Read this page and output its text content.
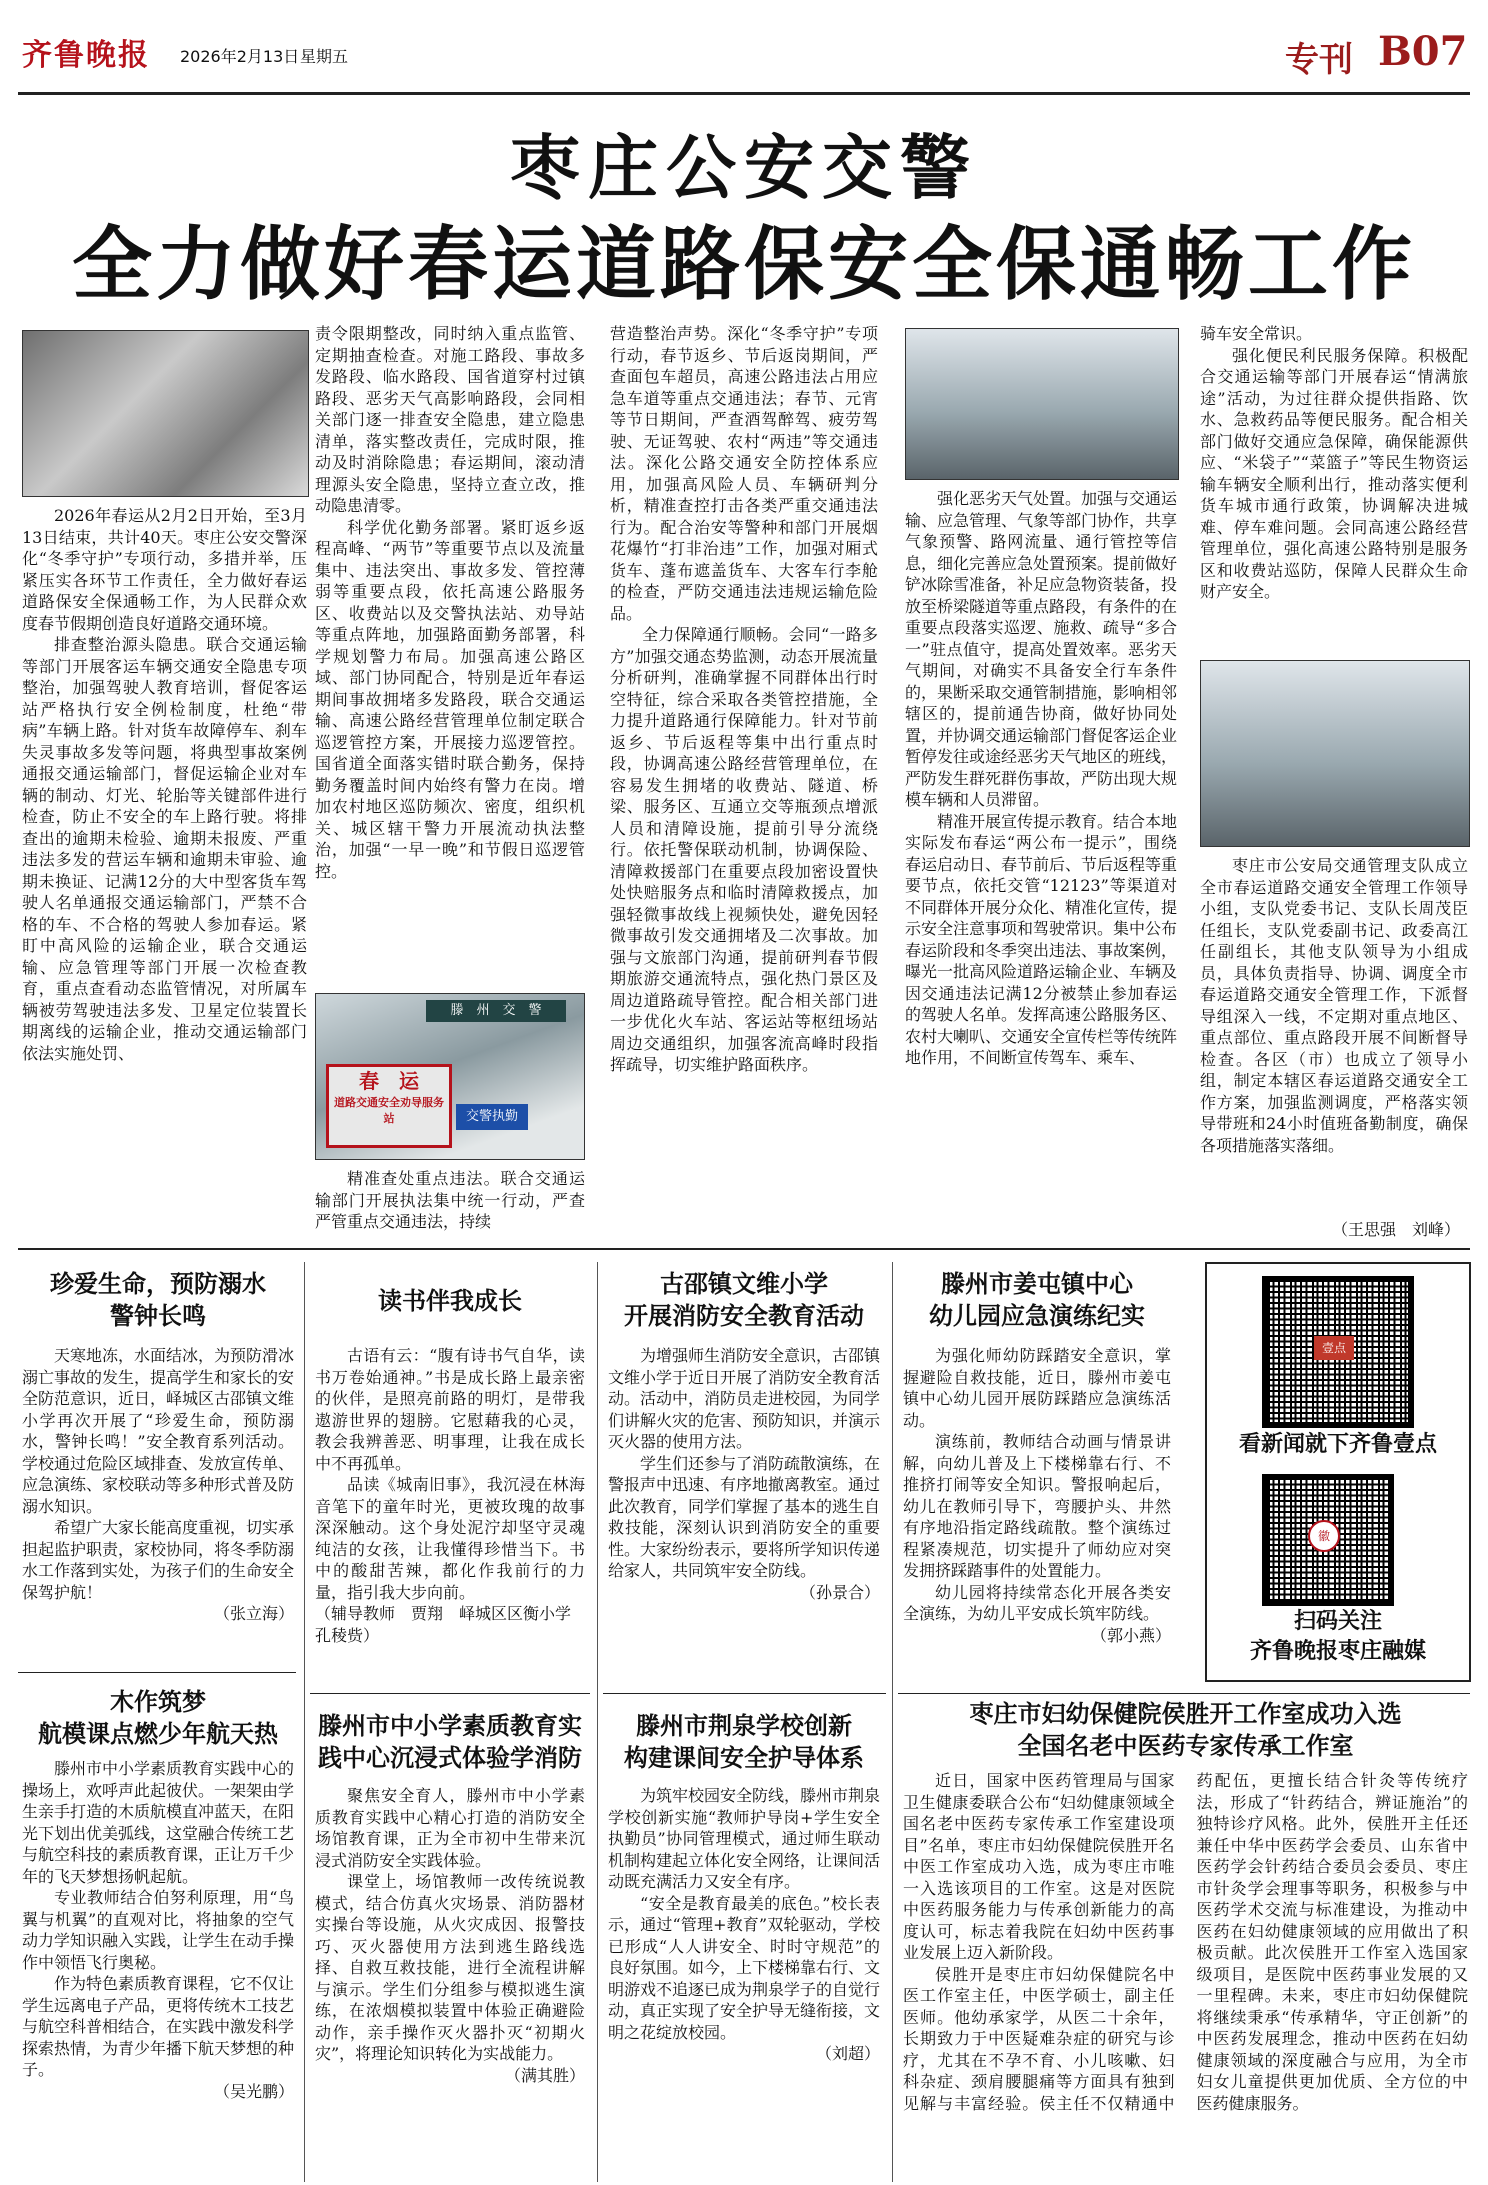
齐鲁晚报 2026年2月13日 星期五	专刊 B07
枣庄公安交警
全力做好春运道路保安全保通畅工作

2026年春运从2月2日开始，至3月13日结束，共计40天。枣庄公安交警深化“冬季守护”专项行动，多措并举，压紧压实各环节工作责任，全力做好春运道路保安全保通畅工作，为人民群众欢度春节假期创造良好道路交通环境。

排查整治源头隐患。联合交通运输等部门开展客运车辆交通安全隐患专项整治，加强驾驶人教育培训，督促客运站严格执行安全例检制度，杜绝“带病”车辆上路。针对货车故障停车、刹车失灵事故多发等问题，将典型事故案例通报交通运输部门，督促运输企业对车辆的制动、灯光、轮胎等关键部件进行检查，防止不安全的车上路行驶。将排查出的逾期未检验、逾期未报废、严重违法多发的营运车辆和逾期未审验、逾期未换证、记满12分的大中型客货车驾驶人名单通报交通运输部门，严禁不合格的车、不合格的驾驶人参加春运。紧盯中高风险的运输企业，联合交通运输、应急管理等部门开展一次检查教育，重点查看动态监管情况，对所属车辆被劳驾驶违法多发、卫星定位装置长期离线的运输企业，推动交通运输部门依法实施处罚、

责令限期整改，同时纳入重点监管、定期抽查检查。对施工路段、事故多发路段、临水路段、国省道穿村过镇路段、恶劣天气高影响路段，会同相关部门逐一排查安全隐患，建立隐患清单，落实整改责任，完成时限，推动及时消除隐患；春运期间，滚动清理源头安全隐患，坚持立查立改，推动隐患清零。

科学优化勤务部署。紧盯返乡返程高峰、“两节”等重要节点以及流量集中、违法突出、事故多发、管控薄弱等重要点段，依托高速公路服务区、收费站以及交警执法站、劝导站等重点阵地，加强路面勤务部署，科学规划警力布局。加强高速公路区域、部门协同配合，特别是近年春运期间事故拥堵多发路段，联合交通运输、高速公路经营管理单位制定联合巡逻管控方案，开展接力巡逻管控。国省道全面落实错时联合勤务，保持勤务覆盖时间内始终有警力在岗。增加农村地区巡防频次、密度，组织机关、城区辖干警力开展流动执法整治，加强“一早一晚”和节假日巡逻管控。

滕　州　交　警
春　运
道路交通安全劝导服务站	交警执勤

精准查处重点违法。联合交通运输部门开展执法集中统一行动，严查严管重点交通违法，持续

营造整治声势。深化“冬季守护”专项行动，春节返乡、节后返岗期间，严查面包车超员，高速公路违法占用应急车道等重点交通违法；春节、元宵等节日期间，严查酒驾醉驾、疲劳驾驶、无证驾驶、农村“两违”等交通违法。深化公路交通安全防控体系应用，加强高风险人员、车辆研判分析，精准查控打击各类严重交通违法行为。配合治安等警种和部门开展烟花爆竹“打非治违”工作，加强对厢式货车、蓬布遮盖货车、大客车行李舱的检查，严防交通违法违规运输危险品。

全力保障通行顺畅。会同“一路多方”加强交通态势监测，动态开展流量分析研判，准确掌握不同群体出行时空特征，综合采取各类管控措施，全力提升道路通行保障能力。针对节前返乡、节后返程等集中出行重点时段，协调高速公路经营管理单位，在容易发生拥堵的收费站、隧道、桥梁、服务区、互通立交等瓶颈点增派人员和清障设施，提前引导分流绕行。依托警保联动机制，协调保险、清障救援部门在重要点段加密设置快处快赔服务点和临时清障救援点，加强轻微事故线上视频快处，避免因轻微事故引发交通拥堵及二次事故。加强与文旅部门沟通，提前研判春节假期旅游交通流特点，强化热门景区及周边道路疏导管控。配合相关部门进一步优化火车站、客运站等枢纽场站周边交通组织，加强客流高峰时段指挥疏导，切实维护路面秩序。

强化恶劣天气处置。加强与交通运输、应急管理、气象等部门协作，共享气象预警、路网流量、通行管控等信息，细化完善应急处置预案。提前做好铲冰除雪准备，补足应急物资装备，投放至桥梁隧道等重点路段，有条件的在重要点段落实巡逻、施救、疏导“多合一”驻点值守，提高处置效率。恶劣天气期间，对确实不具备安全行车条件的，果断采取交通管制措施，影响相邻辖区的，提前通告协商，做好协同处置，并协调交通运输部门督促客运企业暂停发往或途经恶劣天气地区的班线，严防发生群死群伤事故，严防出现大规模车辆和人员滞留。

精准开展宣传提示教育。结合本地实际发布春运“两公布一提示”，围绕春运启动日、春节前后、节后返程等重要节点，依托交管“12123”等渠道对不同群体开展分众化、精准化宣传，提示安全注意事项和驾驶常识。集中公布春运阶段和冬季突出违法、事故案例，曝光一批高风险道路运输企业、车辆及因交通违法记满12分被禁止参加春运的驾驶人名单。发挥高速公路服务区、农村大喇叭、交通安全宣传栏等传统阵地作用，不间断宣传驾车、乘车、

骑车安全常识。

强化便民利民服务保障。积极配合交通运输等部门开展春运“情满旅途”活动，为过往群众提供指路、饮水、急救药品等便民服务。配合相关部门做好交通应急保障，确保能源供应、“米袋子”“菜篮子”等民生物资运输车辆安全顺利出行，推动落实便利货车城市通行政策，协调解决进城难、停车难问题。会同高速公路经营管理单位，强化高速公路特别是服务区和收费站巡防，保障人民群众生命财产安全。

枣庄市公安局交通管理支队成立全市春运道路交通安全管理工作领导小组，支队党委书记、支队长周茂臣任组长，支队党委副书记、政委高江任副组长，其他支队领导为小组成员，具体负责指导、协调、调度全市春运道路交通安全管理工作，下派督导组深入一线，不定期对重点地区、重点部位、重点路段开展不间断督导检查。各区（市）也成立了领导小组，制定本辖区春运道路交通安全工作方案，加强监测调度，严格落实领导带班和24小时值班备勤制度，确保各项措施落实落细。

（王思强　刘峰）
珍爱生命，预防溺水
警钟长鸣

天寒地冻，水面结冰，为预防滑冰溺亡事故的发生，提高学生和家长的安全防范意识，近日，峄城区古邵镇文维小学再次开展了“珍爱生命，预防溺水，警钟长鸣！”安全教育系列活动。学校通过危险区域排查、发放宣传单、应急演练、家校联动等多种形式普及防溺水知识。

希望广大家长能高度重视，切实承担起监护职责，家校协同，将冬季防溺水工作落到实处，为孩子们的生命安全保驾护航！

（张立海）
读书伴我成长

古语有云：“腹有诗书气自华，读书万卷始通神。”书是成长路上最亲密的伙伴，是照亮前路的明灯，是带我遨游世界的翅膀。它慰藉我的心灵，教会我辨善恶、明事理，让我在成长中不再孤单。

品读《城南旧事》，我沉浸在林海音笔下的童年时光，更被玫瑰的故事深深触动。这个身处泥泞却坚守灵魂纯洁的女孩，让我懂得珍惜当下。书中的酸甜苦辣，都化作我前行的力量，指引我大步向前。

（辅导教师　贾翔　峄城区区衡小学　孔稜赀）
古邵镇文维小学
开展消防安全教育活动

为增强师生消防安全意识，古邵镇文维小学于近日开展了消防安全教育活动。活动中，消防员走进校园，为同学们讲解火灾的危害、预防知识，并演示灭火器的使用方法。

学生们还参与了消防疏散演练，在警报声中迅速、有序地撤离教室。通过此次教育，同学们掌握了基本的逃生自救技能，深刻认识到消防安全的重要性。大家纷纷表示，要将所学知识传递给家人，共同筑牢安全防线。

（孙景合）
滕州市姜屯镇中心
幼儿园应急演练纪实

为强化师幼防踩踏安全意识，掌握避险自救技能，近日，滕州市姜屯镇中心幼儿园开展防踩踏应急演练活动。

演练前，教师结合动画与情景讲解，向幼儿普及上下楼梯靠右行、不推挤打闹等安全知识。警报响起后，幼儿在教师引导下，弯腰护头、井然有序地沿指定路线疏散。整个演练过程紧凑规范，切实提升了师幼应对突发拥挤踩踏事件的处置能力。

幼儿园将持续常态化开展各类安全演练，为幼儿平安成长筑牢防线。

（郭小燕）
壹点
看新闻就下齐鲁壹点
徽
扫码关注
齐鲁晚报枣庄融媒
木作筑梦
航模课点燃少年航天热

滕州市中小学素质教育实践中心的操场上，欢呼声此起彼伏。一架架由学生亲手打造的木质航模直冲蓝天，在阳光下划出优美弧线，这堂融合传统工艺与航空科技的素质教育课，正让万千少年的飞天梦想扬帆起航。

专业教师结合伯努利原理，用“鸟翼与机翼”的直观对比，将抽象的空气动力学知识融入实践，让学生在动手操作中领悟飞行奥秘。

作为特色素质教育课程，它不仅让学生远离电子产品，更将传统木工技艺与航空科普相结合，在实践中激发科学探索热情，为青少年播下航天梦想的种子。

（吴光鹏）
滕州市中小学素质教育实
践中心沉浸式体验学消防

聚焦安全育人，滕州市中小学素质教育实践中心精心打造的消防安全场馆教育课，正为全市初中生带来沉浸式消防安全实践体验。

课堂上，场馆教师一改传统说教模式，结合仿真火灾场景、消防器材实操台等设施，从火灾成因、报警技巧、灭火器使用方法到逃生路线选择、自救互救技能，进行全流程讲解与演示。学生们分组参与模拟逃生演练，在浓烟模拟装置中体验正确避险动作，亲手操作灭火器扑灭“初期火灾”，将理论知识转化为实战能力。

（满其胜）
滕州市荆泉学校创新
构建课间安全护导体系

为筑牢校园安全防线，滕州市荆泉学校创新实施“教师护导岗+学生安全执勤员”协同管理模式，通过师生联动机制构建起立体化安全网络，让课间活动既充满活力又安全有序。

“安全是教育最美的底色。”校长表示，通过“管理+教育”双轮驱动，学校已形成“人人讲安全、时时守规范”的良好氛围。如今，上下楼梯靠右行、文明游戏不追逐已成为荆泉学子的自觉行动，真正实现了安全护导无缝衔接，文明之花绽放校园。

（刘超）
枣庄市妇幼保健院侯胜开工作室成功入选
全国名老中医药专家传承工作室

近日，国家中医药管理局与国家卫生健康委联合公布“妇幼健康领域全国名老中医药专家传承工作室建设项目”名单，枣庄市妇幼保健院侯胜开名中医工作室成功入选，成为枣庄市唯一入选该项目的工作室。这是对医院中医药服务能力与传承创新能力的高度认可，标志着我院在妇幼中医药事业发展上迈入新阶段。

侯胜开是枣庄市妇幼保健院名中医工作室主任，中医学硕士，副主任医师。他幼承家学，从医二十余年，长期致力于中医疑难杂症的研究与诊疗，尤其在不孕不育、小儿咳嗽、妇科杂症、颈肩腰腿痛等方面具有独到见解与丰富经验。侯主任不仅精通中药配伍，更擅长结合针灸等传统疗法，形成了“针药结合，辨证施治”的独特诊疗风格。此外，侯胜开主任还兼任中华中医药学会委员、山东省中医药学会针药结合委员会委员、枣庄市针灸学会理事等职务，积极参与中医药学术交流与标准建设，为推动中医药在妇幼健康领域的应用做出了积极贡献。此次侯胜开工作室入选国家级项目，是医院中医药事业发展的又一里程碑。未来，枣庄市妇幼保健院将继续秉承“传承精华，守正创新”的中医药发展理念，推动中医药在妇幼健康领域的深度融合与应用，为全市妇女儿童提供更加优质、全方位的中医药健康服务。
